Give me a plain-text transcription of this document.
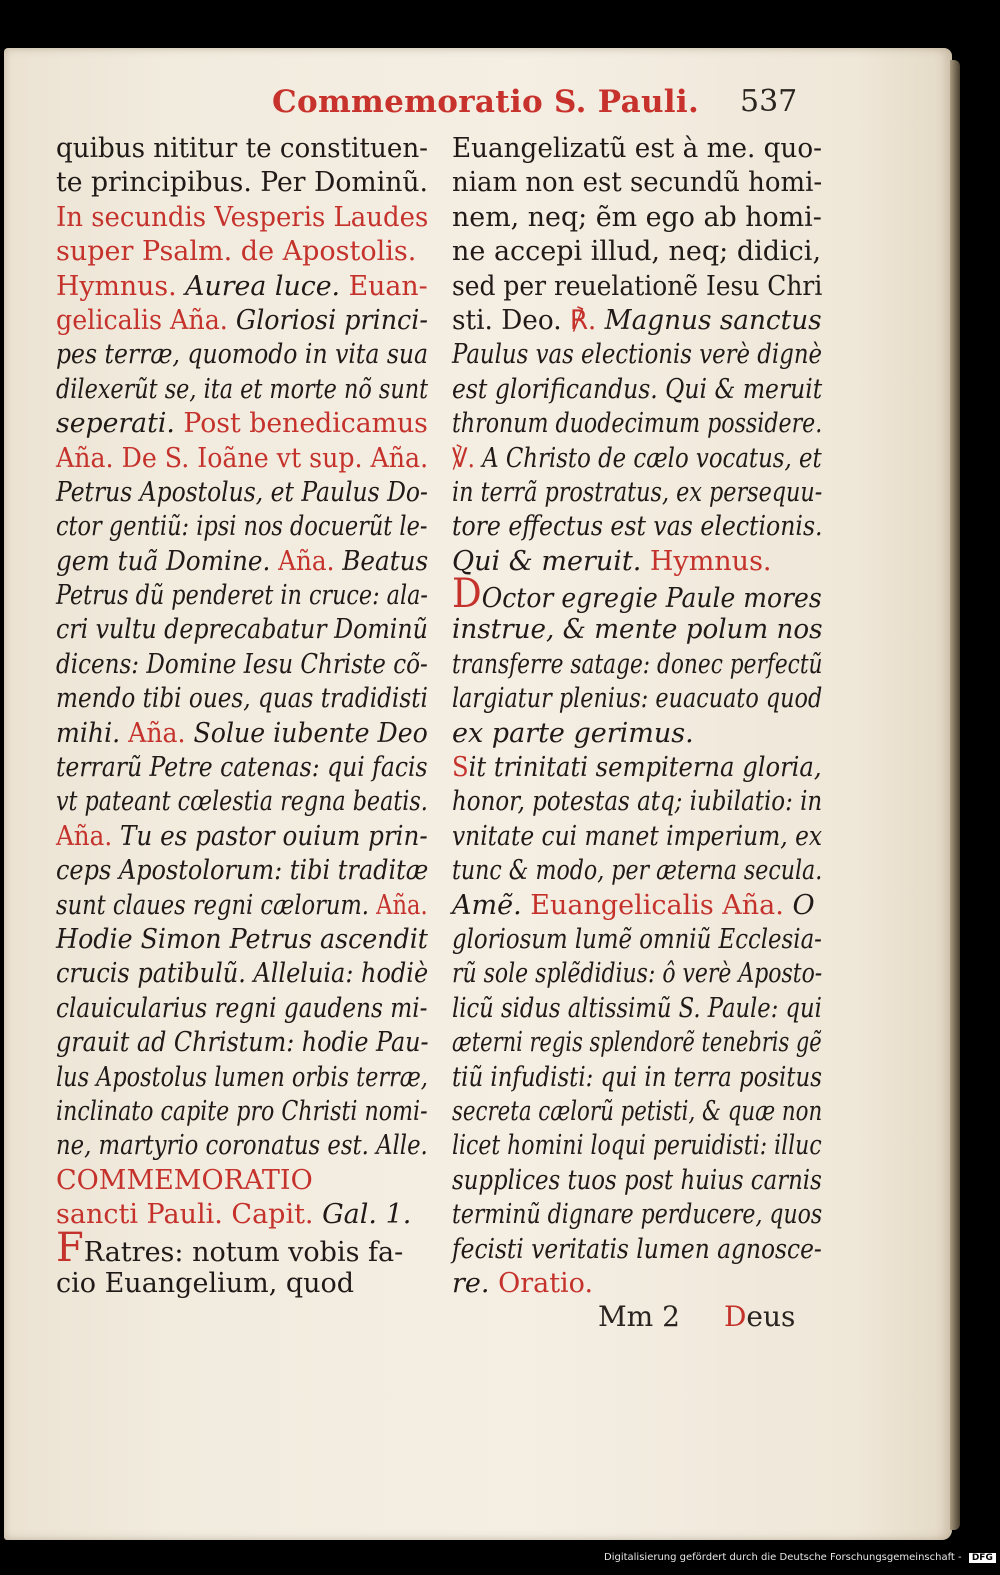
Commemoratio S. Pauli. 537
quibus nititur te constituen-
te principibus. Per Dominũ.
In secundis Vesperis Laudes
super Psalm. de Apostolis.
Hymnus. Aurea luce. Euan-
gelicalis Aña. Gloriosi princi-
pes terræ, quomodo in vita sua
dilexerũt se, ita et morte nõ sunt
seperati. Post benedicamus
Aña. De S. Ioãne vt sup. Aña.
Petrus Apostolus, et Paulus Do-
ctor gentiũ: ipsi nos docuerũt le-
gem tuã Domine. Aña. Beatus
Petrus dũ penderet in cruce: ala-
cri vultu deprecabatur Dominũ
dicens: Domine Iesu Christe cõ-
mendo tibi oues, quas tradidisti
mihi. Aña. Solue iubente Deo
terrarũ Petre catenas: qui facis
vt pateant cœlestia regna beatis.
Aña. Tu es pastor ouium prin-
ceps Apostolorum: tibi traditæ
sunt claues regni cælorum. Aña.
Hodie Simon Petrus ascendit
crucis patibulũ. Alleluia: hodiè
clauicularius regni gaudens mi-
grauit ad Christum: hodie Pau-
lus Apostolus lumen orbis terræ,
inclinato capite pro Christi nomi-
ne, martyrio coronatus est. Alle.
COMMEMORATIO
sancti Pauli. Capit. Gal. 1.
FRatres: notum vobis fa-
cio Euangelium, quod
Euangelizatũ est à me. quo-
niam non est secundũ homi-
nem, neq; ẽm ego ab homi-
ne accepi illud, neq; didici,
sed per reuelationẽ Iesu Chri
sti. Deo. ℟. Magnus sanctus
Paulus vas electionis verè dignè
est glorificandus. Qui & meruit
thronum duodecimum possidere.
℣. A Christo de cælo vocatus, et
in terrã prostratus, ex persequu-
tore effectus est vas electionis.
Qui & meruit. Hymnus.
DOctor egregie Paule mores
instrue, & mente polum nos
transferre satage: donec perfectũ
largiatur plenius: euacuato quod
ex parte gerimus.
Sit trinitati sempiterna gloria,
honor, potestas atq; iubilatio: in
vnitate cui manet imperium, ex
tunc & modo, per æterna secula.
Amẽ. Euangelicalis Aña. O
gloriosum lumẽ omniũ Ecclesia-
rũ sole splẽdidius: ô verè Aposto-
licũ sidus altissimũ S. Paule: qui
æterni regis splendorẽ tenebris gẽ
tiũ infudisti: qui in terra positus
secreta cælorũ petisti, & quæ non
licet homini loqui peruidisti: illuc
supplices tuos post huius carnis
terminũ dignare perducere, quos
fecisti veritatis lumen agnosce-
re. Oratio.
Mm 2 Deus
Digitalisierung gefördert durch die Deutsche Forschungsgemeinschaft - DFG
